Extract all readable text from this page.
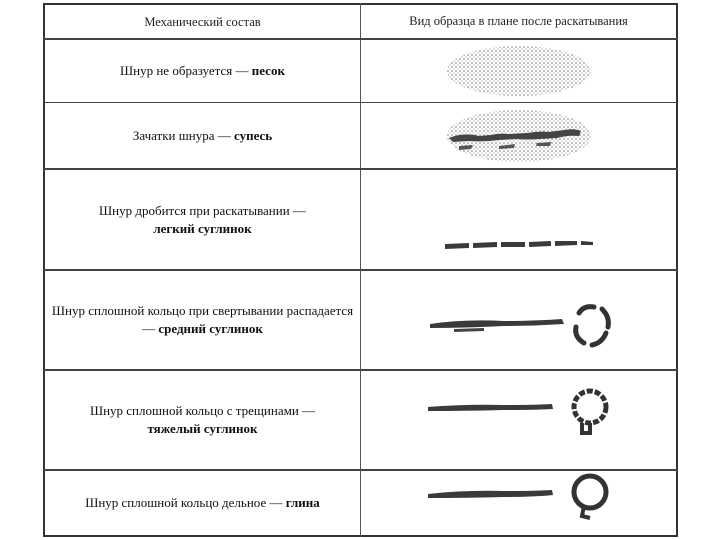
Механический состав	Вид образца в плане после раскатывания
Шнур не образуется — песок
Зачатки шнура — супесь
Шнур дробится при раскатывании —
легкий суглинок
Шнур сплошной кольцо при свертывании распадается — средний суглинок
Шнур сплошной кольцо с трещинами —
тяжелый суглинок
Шнур сплошной кольцо дельное — глина
